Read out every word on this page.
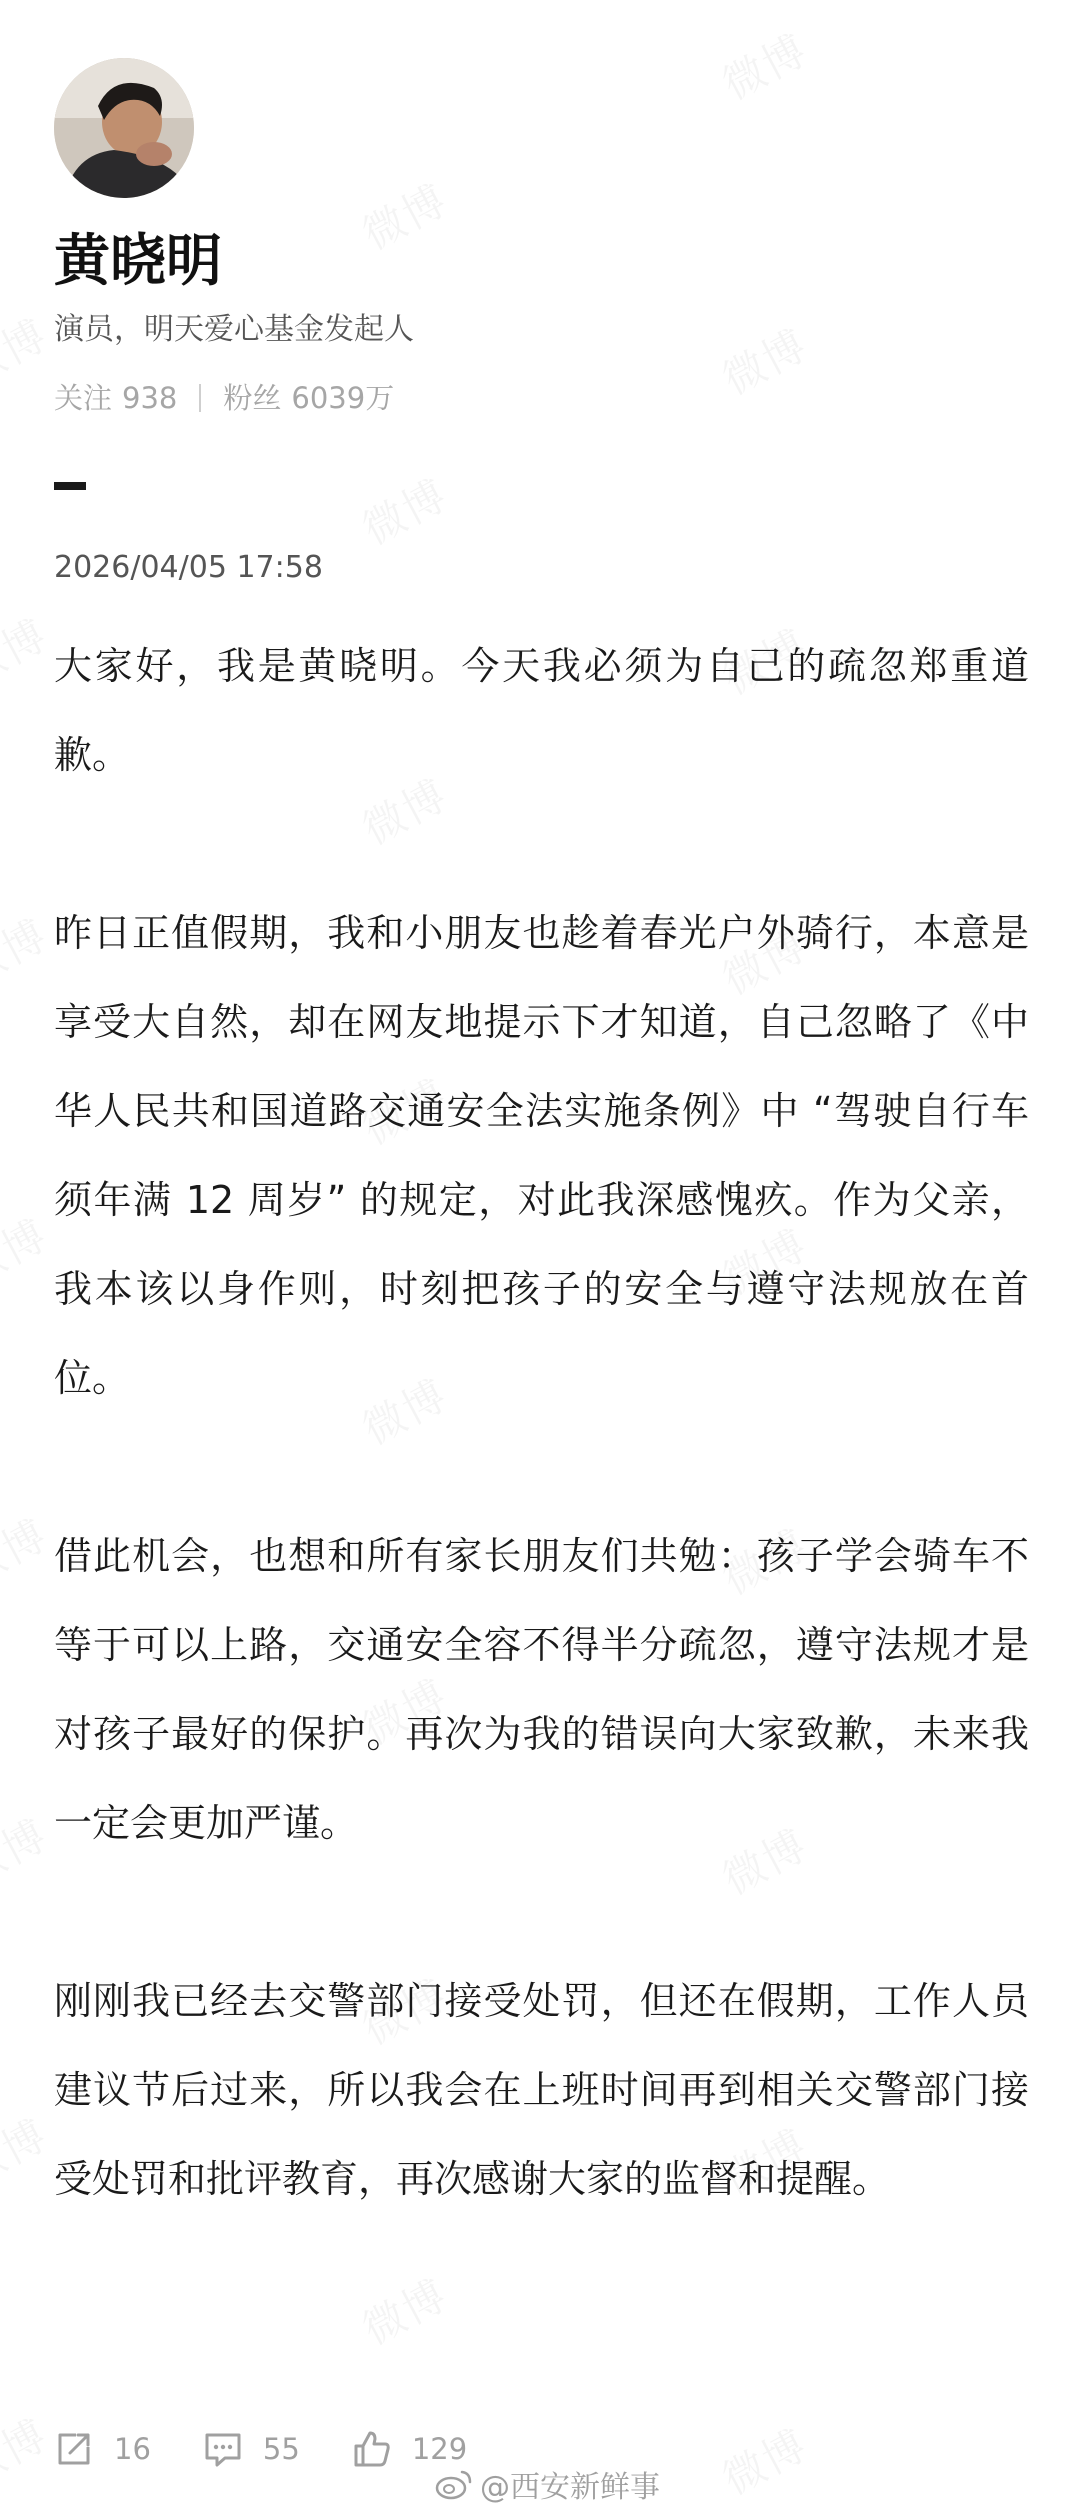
黄晓明
演员，明天爱心基金发起人
关注 938 粉丝 6039万
2026/04/05 17:58

大家好，我是黄晓明。今天我必须为自己的疏忽郑重道歉。

昨日正值假期，我和小朋友也趁着春光户外骑行，本意是享受大自然，却在网友地提示下才知道，自己忽略了《中华人民共和国道路交通安全法实施条例》中 “驾驶自行车须年满 12 周岁” 的规定，对此我深感愧疚。作为父亲，我本该以身作则，时刻把孩子的安全与遵守法规放在首位。

借此机会，也想和所有家长朋友们共勉：孩子学会骑车不等于可以上路，交通安全容不得半分疏忽，遵守法规才是对孩子最好的保护。再次为我的错误向大家致歉，未来我一定会更加严谨。

刚刚我已经去交警部门接受处罚，但还在假期，工作人员建议节后过来，所以我会在上班时间再到相关交警部门接受处罚和批评教育，再次感谢大家的监督和提醒。

16	55	129
@西安新鲜事
